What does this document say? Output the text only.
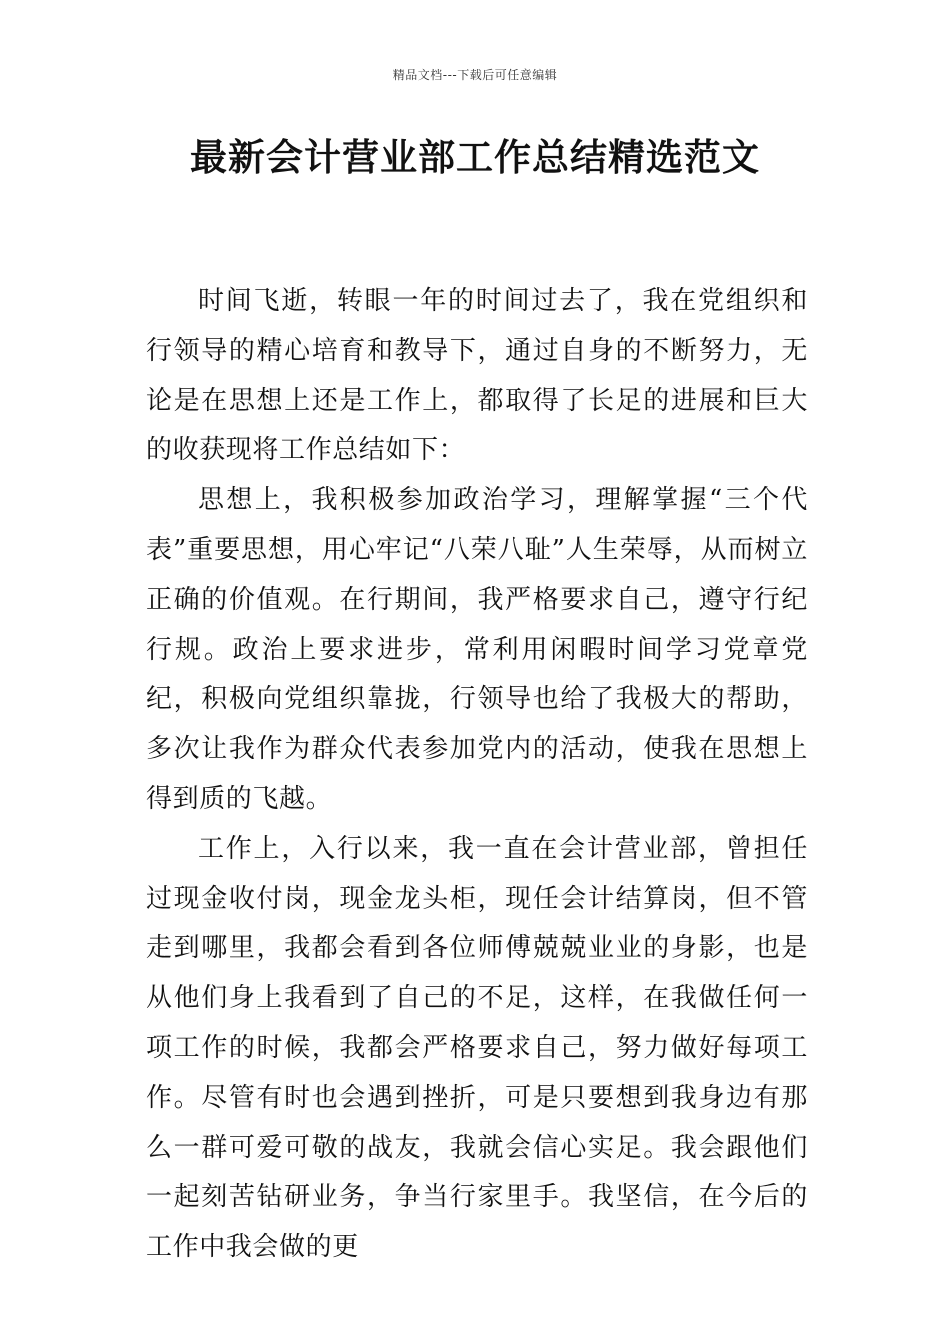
精品文档---下载后可任意编辑
最新会计营业部工作总结精选范文

时间飞逝，转眼一年的时间过去了，我在党组织和行领导的精心培育和教导下，通过自身的不断努力，无论是在思想上还是工作上，都取得了长足的进展和巨大的收获现将工作总结如下：

思想上，我积极参加政治学习，理解掌握“三个代表”重要思想，用心牢记“八荣八耻”人生荣辱，从而树立正确的价值观。在行期间，我严格要求自己，遵守行纪行规。政治上要求进步，常利用闲暇时间学习党章党纪，积极向党组织靠拢，行领导也给了我极大的帮助，多次让我作为群众代表参加党内的活动，使我在思想上得到质的飞越。

工作上，入行以来，我一直在会计营业部，曾担任过现金收付岗，现金龙头柜，现任会计结算岗，但不管走到哪里，我都会看到各位师傅兢兢业业的身影，也是从他们身上我看到了自己的不足，这样，在我做任何一项工作的时候，我都会严格要求自己，努力做好每项工作。尽管有时也会遇到挫折，可是只要想到我身边有那么一群可爱可敬的战友，我就会信心实足。我会跟他们一起刻苦钻研业务，争当行家里手。我坚信，在今后的工作中我会做的更
